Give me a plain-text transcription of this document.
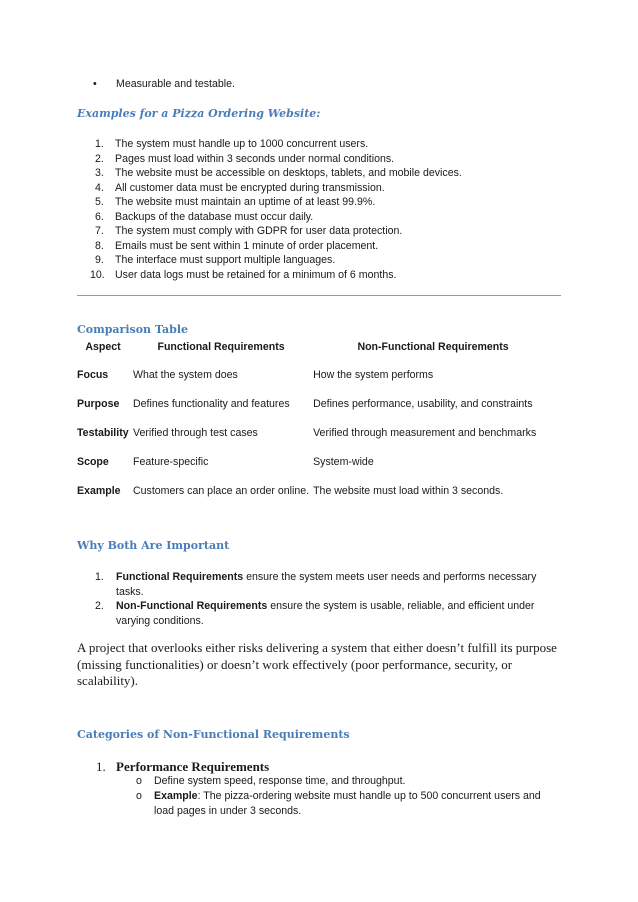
• Measurable and testable.
Examples for a Pizza Ordering Website:
1. The system must handle up to 1000 concurrent users.
2. Pages must load within 3 seconds under normal conditions.
3. The website must be accessible on desktops, tablets, and mobile devices.
4. All customer data must be encrypted during transmission.
5. The website must maintain an uptime of at least 99.9%.
6. Backups of the database must occur daily.
7. The system must comply with GDPR for user data protection.
8. Emails must be sent within 1 minute of order placement.
9. The interface must support multiple languages.
10. User data logs must be retained for a minimum of 6 months.
Comparison Table
Aspect	Functional Requirements	Non-Functional Requirements
Focus	What the system does	How the system performs
Purpose	Defines functionality and features	Defines performance, usability, and constraints
Testability	Verified through test cases	Verified through measurement and benchmarks
Scope	Feature-specific	System-wide
Example	Customers can place an order online.	The website must load within 3 seconds.
Why Both Are Important
1. Functional Requirements ensure the system meets user needs and performs necessary
tasks.
2. Non-Functional Requirements ensure the system is usable, reliable, and efficient under
varying conditions.
A project that overlooks either risks delivering a system that either doesn’t fulfill its purpose
(missing functionalities) or doesn’t work effectively (poor performance, security, or
scalability).
Categories of Non-Functional Requirements
1. Performance Requirements
o Define system speed, response time, and throughput.
o Example: The pizza-ordering website must handle up to 500 concurrent users and
load pages in under 3 seconds.
